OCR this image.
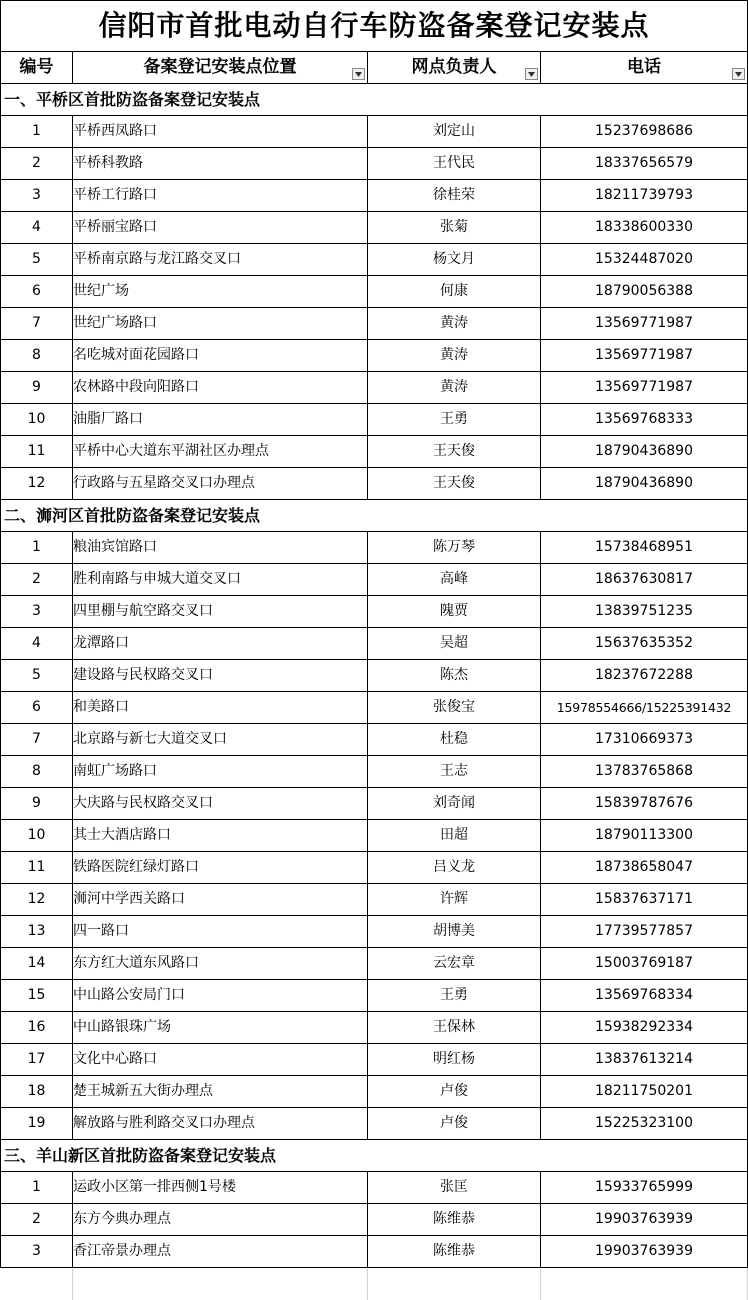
信阳市首批电动自行车防盗备案登记安装点			
编号	备案登记安装点位置	网点负责人	电话

一、平桥区首批防盗备案登记安装点			
1	平桥西凤路口	刘定山	15237698686
2	平桥科教路	王代民	18337656579
3	平桥工行路口	徐桂荣	18211739793
4	平桥丽宝路口	张菊	18338600330
5	平桥南京路与龙江路交叉口	杨文月	15324487020
6	世纪广场	何康	18790056388
7	世纪广场路口	黄涛	13569771987
8	名吃城对面花园路口	黄涛	13569771987
9	农林路中段向阳路口	黄涛	13569771987
10	油脂厂路口	王勇	13569768333
11	平桥中心大道东平湖社区办理点	王天俊	18790436890
12	行政路与五星路交叉口办理点	王天俊	18790436890
二、浉河区首批防盗备案登记安装点			
1	粮油宾馆路口	陈万琴	15738468951
2	胜利南路与申城大道交叉口	高峰	18637630817
3	四里棚与航空路交叉口	隗贾	13839751235
4	龙潭路口	吴超	15637635352
5	建设路与民权路交叉口	陈杰	18237672288
6	和美路口	张俊宝	15978554666/15225391432
7	北京路与新七大道交叉口	杜稳	17310669373
8	南虹广场路口	王志	13783765868
9	大庆路与民权路交叉口	刘奇闻	15839787676
10	其士大酒店路口	田超	18790113300
11	铁路医院红绿灯路口	吕义龙	18738658047
12	浉河中学西关路口	许辉	15837637171
13	四一路口	胡博美	17739577857
14	东方红大道东风路口	云宏章	15003769187
15	中山路公安局门口	王勇	13569768334
16	中山路银珠广场	王保林	15938292334
17	文化中心路口	明红杨	13837613214
18	楚王城新五大街办理点	卢俊	18211750201
19	解放路与胜利路交叉口办理点	卢俊	15225323100
三、羊山新区首批防盗备案登记安装点			
1	运政小区第一排西侧1号楼	张匡	15933765999
2	东方今典办理点	陈维恭	19903763939
3	香江帝景办理点	陈维恭	19903763939
